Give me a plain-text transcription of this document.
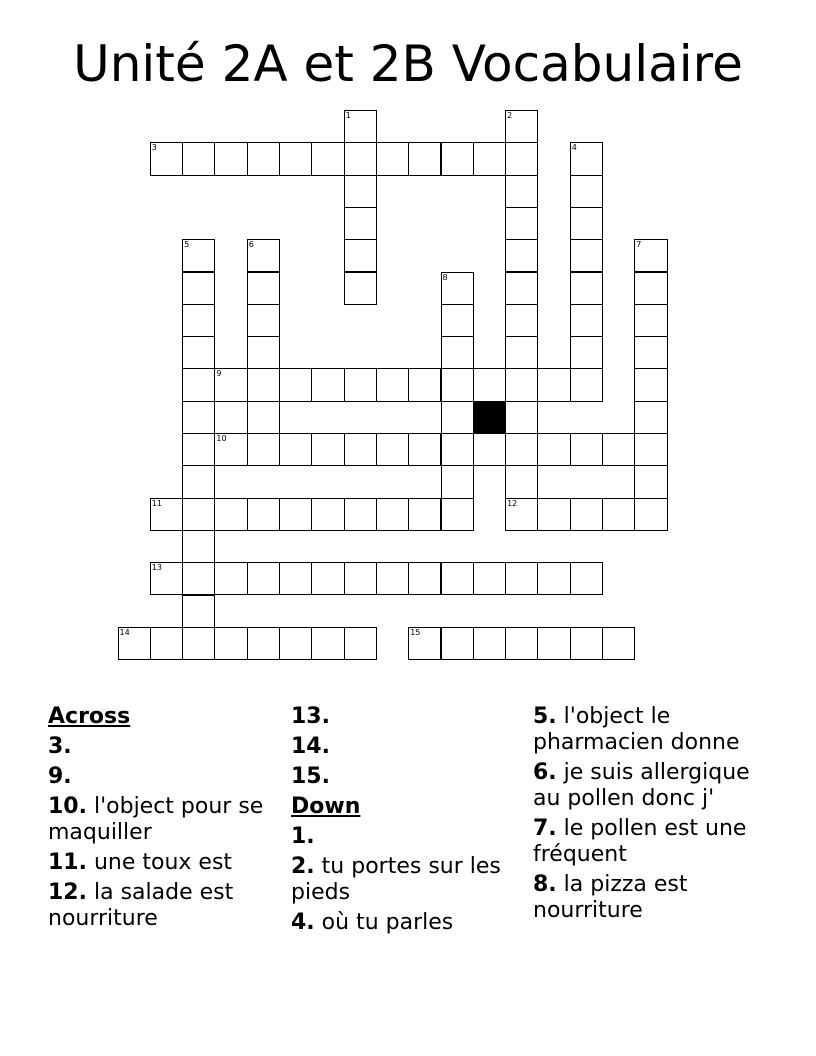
Unité 2A et 2B Vocabulaire
1	2
3	4
5	6	7
8
9
10
11	12
13
14	15
Across
3.
9.
10. l'object pour se maquiller
11. une toux est
12. la salade est nourriture
13.
14.
15.
Down
1.
2. tu portes sur les pieds
4. où tu parles
5. l'object le pharmacien donne
6. je suis allergique au pollen donc j'
7. le pollen est une fréquent
8. la pizza est nourriture
